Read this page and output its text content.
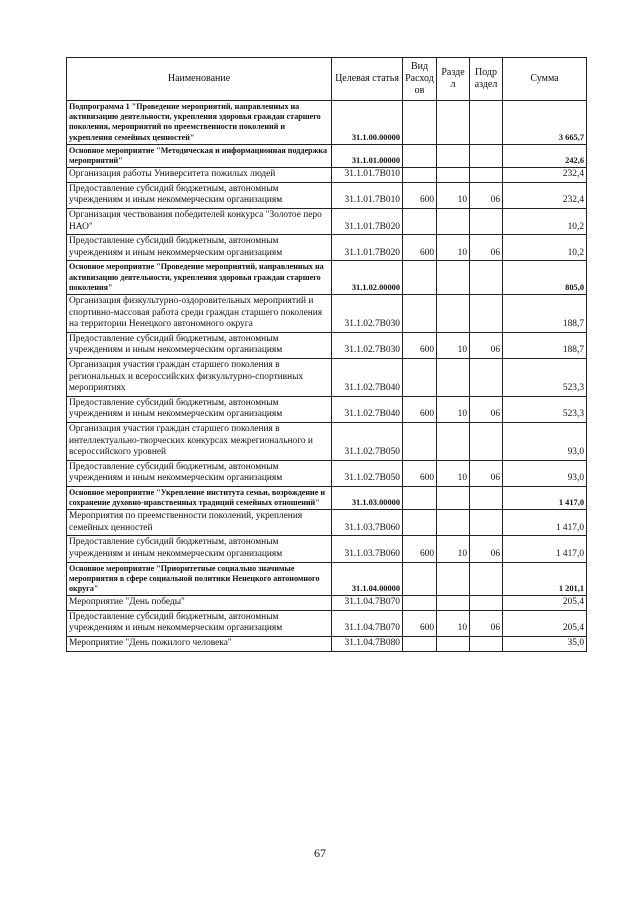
Наименование	Целевая статья	Вид Расход ов	Разде л	Подр аздел	Сумма
Подпрограмма 1 "Проведение мероприятий, направленных на активизацию деятельности, укрепления здоровья граждан старшего поколения, мероприятий по преемственности поколений и укрепления семейных ценностей"	31.1.00.00000				3 665,7
Основное мероприятие "Методическая и информационная поддержка мероприятий"	31.1.01.00000				242,6
Организация работы Университета пожилых людей	31.1.01.7В010				232,4
Предоставление субсидий бюджетным, автономным учреждениям и иным некоммерческим организациям	31.1.01.7В010	600	10	06	232,4
Организация чествования победителей конкурса "Золотое перо НАО"	31.1.01.7В020				10,2
Предоставление субсидий бюджетным, автономным учреждениям и иным некоммерческим организациям	31.1.01.7В020	600	10	06	10,2
Основное мероприятие "Проведение мероприятий, направленных на активизацию деятельности, укрепления здоровья граждан старшего поколения"	31.1.02.00000				805,0
Организация физкультурно-оздоровительных мероприятий и спортивно-массовая работа среди граждан старшего поколения на территории Ненецкого автономного округа	31.1.02.7В030				188,7
Предоставление субсидий бюджетным, автономным учреждениям и иным некоммерческим организациям	31.1.02.7В030	600	10	06	188,7
Организация участия граждан старшего поколения в региональных и всероссийских физкультурно-спортивных мероприятиях	31.1.02.7В040				523,3
Предоставление субсидий бюджетным, автономным учреждениям и иным некоммерческим организациям	31.1.02.7В040	600	10	06	523,3
Организация участия граждан старшего поколения в интеллектуально-творческих конкурсах межрегионального и всероссийского уровней	31.1.02.7В050				93,0
Предоставление субсидий бюджетным, автономным учреждениям и иным некоммерческим организациям	31.1.02.7В050	600	10	06	93,0
Основное мероприятие "Укрепление института семьи, возрождение и сохранение духовно-нравственных традиций семейных отношений"	31.1.03.00000				1 417,0
Мероприятия по преемственности поколений, укрепления семейных ценностей	31.1.03.7В060				1 417,0
Предоставление субсидий бюджетным, автономным учреждениям и иным некоммерческим организациям	31.1.03.7В060	600	10	06	1 417,0
Основное мероприятие "Приоритетные социально значимые мероприятия в сфере социальной политики Ненецкого автономного округа"	31.1.04.00000				1 201,1
Мероприятие "День победы"	31.1.04.7В070				205,4
Предоставление субсидий бюджетным, автономным учреждениям и иным некоммерческим организациям	31.1.04.7В070	600	10	06	205,4
Мероприятие "День пожилого человека"	31.1.04.7В080				35,0
67
